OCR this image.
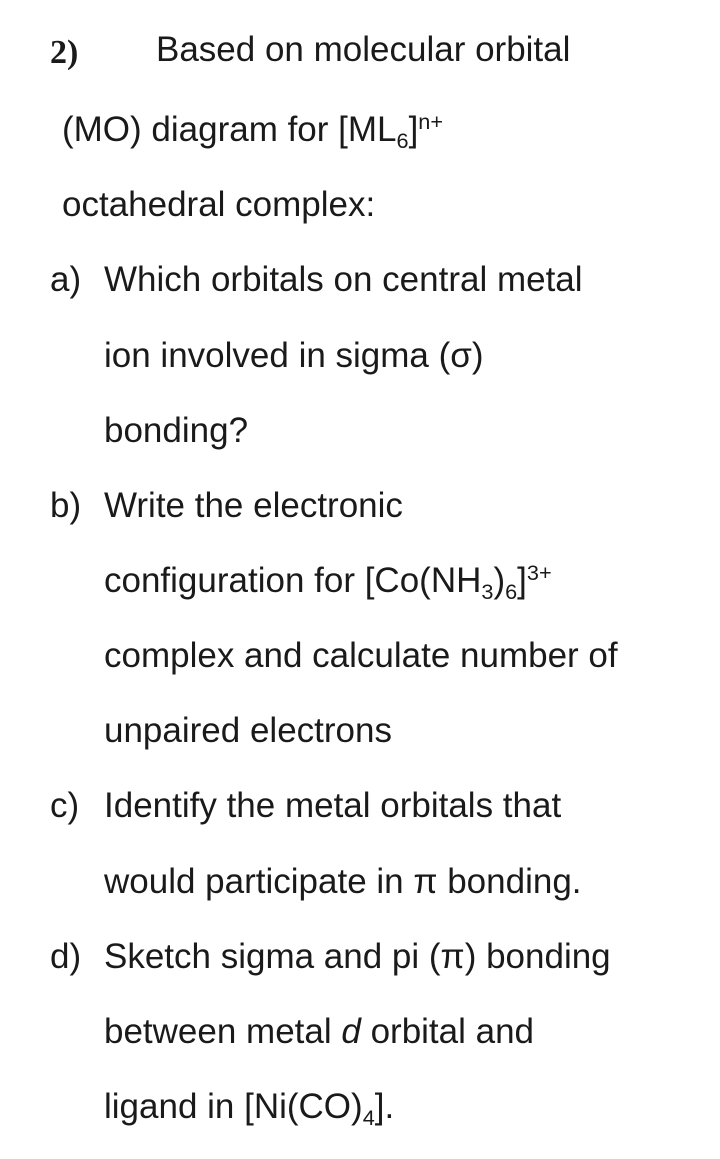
2) Based on molecular orbital
(MO) diagram for $[ML_6]^{n+}$
octahedral complex:
a) Which orbitals on central metal
ion involved in sigma (σ)
bonding?
b) Write the electronic
configuration for $[Co(NH_3)_6]^{3+}$
complex and calculate number of
unpaired electrons
c) Identify the metal orbitals that
would participate in π bonding.
d) Sketch sigma and pi (π) bonding
between metal d orbital and
ligand in $[Ni(CO)_4]$.
